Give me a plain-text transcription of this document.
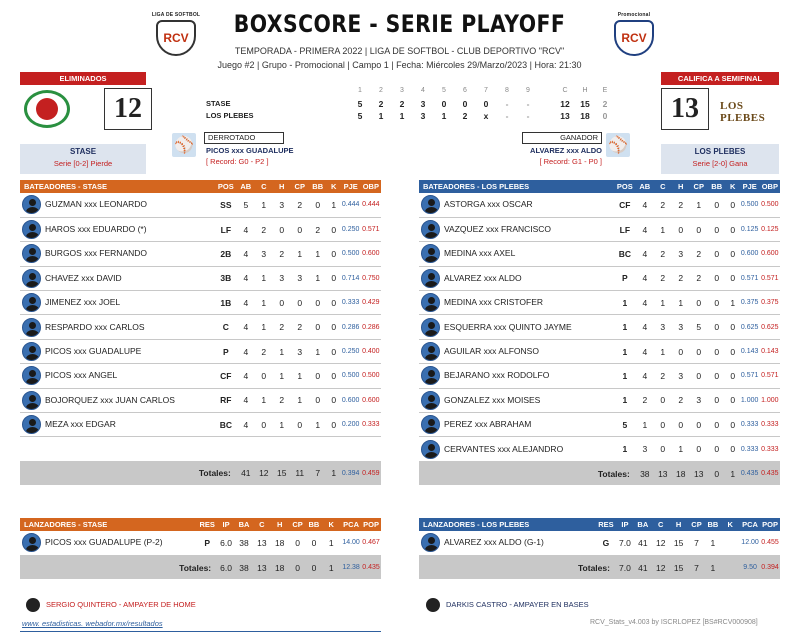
LIGA DE SOFTBOL
RCV
Promocional
RCV
BOXSCORE - SERIE PLAYOFF
TEMPORADA - PRIMERA 2022 | LIGA DE SOFTBOL - CLUB DEPORTIVO "RCV"
Juego #2 | Grupo - Promocional | Campo 1 | Fecha: Miércoles 29/Marzo/2023 | Hora: 21:30
ELIMINADOS
12
STASE
Serie [0-2] Pierde
CALIFICA A SEMIFINAL
13	LOS PLEBES
LOS PLEBES
Serie [2-0] Gana
1	2	3	4	5	6	7	8	9	C	H	E
STASE	5	2	2	3	0	0	0	-	-	12 15	2
LOS PLEBES	5	1	1	3	1	2	x	-	-	13 18	0
DERROTADO
⚾ PICOS xxx GUADALUPE
[ Record: G0 - P2 ]
GANADOR ⚾
ALVAREZ xxx ALDO
[ Record: G1 - P0 ]
BATEADORES - STASE	POS	AB	C	H	CP	BB	K	PJE	OBP
GUZMAN xxx LEONARDO	SS	5	1	3	2	0	1	0.444	0.444
HAROS xxx EDUARDO (*)	LF	4	2	0	0	2	0	0.250	0.571
BURGOS xxx FERNANDO	2B	4	3	2	1	1	0	0.500	0.600
CHAVEZ xxx DAVID	3B	4	1	3	3	1	0	0.714	0.750
JIMENEZ xxx JOEL	1B	4	1	0	0	0	0	0.333	0.429
RESPARDO xxx CARLOS	C	4	1	2	2	0	0	0.286	0.286
PICOS xxx GUADALUPE	P	4	2	1	3	1	0	0.250	0.400
PICOS xxx ANGEL	CF	4	0	1	1	0	0	0.500	0.500
BOJORQUEZ xxx JUAN CARLOS	RF	4	1	2	1	0	0	0.600	0.600
MEZA xxx EDGAR	BC	4	0	1	0	1	0	0.200	0.333

Totales:		41	12	15	11	7	1	0.394	0.459
BATEADORES - LOS PLEBES	POS	AB	C	H	CP	BB	K	PJE	OBP
ASTORGA xxx OSCAR	CF	4	2	2	1	0	0	0.500	0.500
VAZQUEZ xxx FRANCISCO	LF	4	1	0	0	0	0	0.125	0.125
MEDINA xxx AXEL	BC	4	2	3	2	0	0	0.600	0.600
ALVAREZ xxx ALDO	P	4	2	2	2	0	0	0.571	0.571
MEDINA xxx CRISTOFER	1	4	1	1	0	0	1	0.375	0.375
ESQUERRA xxx QUINTO JAYME	1	4	3	3	5	0	0	0.625	0.625
AGUILAR xxx ALFONSO	1	4	1	0	0	0	0	0.143	0.143
BEJARANO xxx RODOLFO	1	4	2	3	0	0	0	0.571	0.571
GONZALEZ xxx MOISES	1	2	0	2	3	0	0	1.000	1.000
PEREZ xxx ABRAHAM	5	1	0	0	0	0	0	0.333	0.333
CERVANTES xxx ALEJANDRO	1	3	0	1	0	0	0	0.333	0.333
Totales:		38	13	18	13	0	1	0.435	0.435
LANZADORES - STASE	RES	IP	BA	C	H	CP	BB	K	PCA	POP
PICOS xxx GUADALUPE (P-2)	P	6.0	38	13	18	0	0	1	14.00	0.467
Totales:		6.0	38	13	18	0	0	1	12.38	0.435
LANZADORES - LOS PLEBES	RES	IP	BA	C	H	CP	BB	K	PCA	POP
ALVAREZ xxx ALDO (G-1)	G	7.0	41	12	15	7	1		12.00	0.455
Totales:		7.0	41	12	15	7	1		9.50	0.394
SERGIO QUINTERO - AMPAYER DE HOME	DARKIS CASTRO - AMPAYER EN BASES
www. estadisticas. webador.mx/resultados	RCV_Stats_v4.003 by ISCRLOPEZ [BS#RCV000908]
